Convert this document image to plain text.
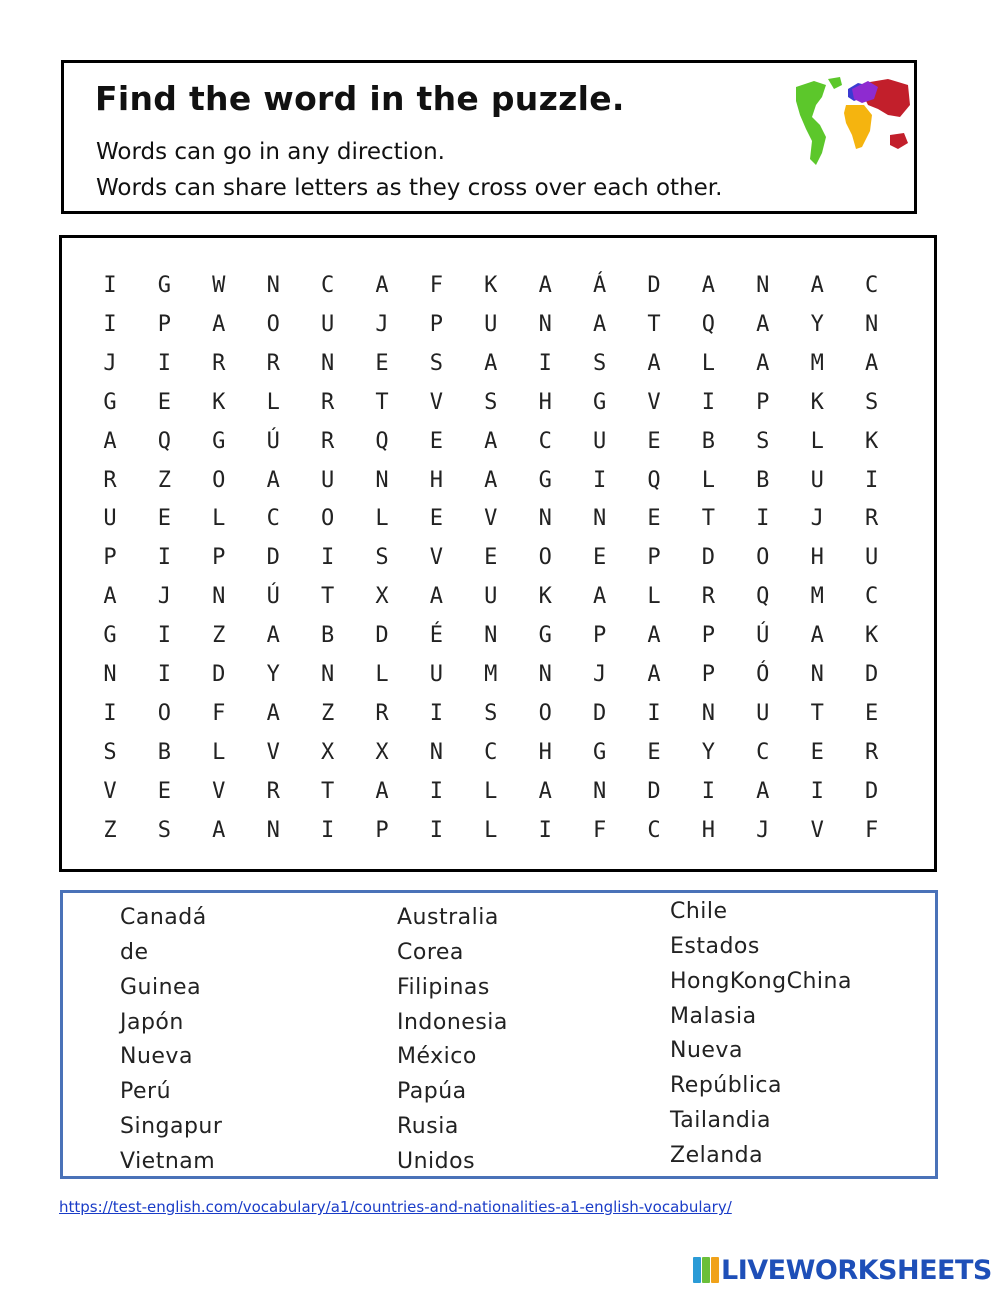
Find the word in the puzzle.
Words can go in any direction.
Words can share letters as they cross over each other.
I	G	W	N	C	A	F	K	A	Á	D	A	N	A	C
I	P	A	O	U	J	P	U	N	A	T	Q	A	Y	N
J	I	R	R	N	E	S	A	I	S	A	L	A	M	A
G	E	K	L	R	T	V	S	H	G	V	I	P	K	S
A	Q	G	Ú	R	Q	E	A	C	U	E	B	S	L	K
R	Z	O	A	U	N	H	A	G	I	Q	L	B	U	I
U	E	L	C	O	L	E	V	N	N	E	T	I	J	R
P	I	P	D	I	S	V	E	O	E	P	D	O	H	U
A	J	N	Ú	T	X	A	U	K	A	L	R	Q	M	C
G	I	Z	A	B	D	É	N	G	P	A	P	Ú	A	K
N	I	D	Y	N	L	U	M	N	J	A	P	Ó	N	D
I	O	F	A	Z	R	I	S	O	D	I	N	U	T	E
S	B	L	V	X	X	N	C	H	G	E	Y	C	E	R
V	E	V	R	T	A	I	L	A	N	D	I	A	I	D
Z	S	A	N	I	P	I	L	I	F	C	H	J	V	F
Canadá
de
Guinea
Japón
Nueva
Perú
Singapur
Vietnam
Australia
Corea
Filipinas
Indonesia
México
Papúa
Rusia
Unidos
Chile
Estados
HongKongChina
Malasia
Nueva
República
Tailandia
Zelanda
https://test-english.com/vocabulary/a1/countries-and-nationalities-a1-english-vocabulary/
LIVEWORKSHEETS
